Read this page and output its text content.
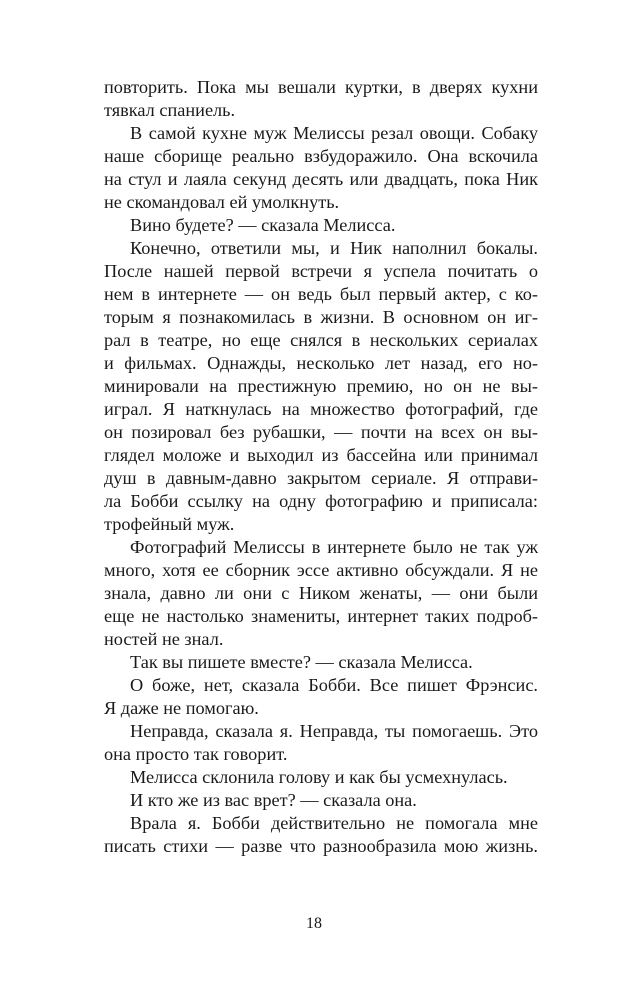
повторить. Пока мы вешали куртки, в дверях кухни
тявкал спаниель.
В самой кухне муж Мелиссы резал овощи. Собаку
наше сборище реально взбудоражило. Она вскочила
на стул и лаяла секунд десять или двадцать, пока Ник
не скомандовал ей умолкнуть.
Вино будете? — сказала Мелисса.
Конечно, ответили мы, и Ник наполнил бокалы.
После нашей первой встречи я успела почитать о
нем в интернете — он ведь был первый актер, с ко-
торым я познакомилась в жизни. В основном он иг-
рал в театре, но еще снялся в нескольких сериалах
и фильмах. Однажды, несколько лет назад, его но-
минировали на престижную премию, но он не вы-
играл. Я наткнулась на множество фотографий, где
он позировал без рубашки, — почти на всех он вы-
глядел моложе и выходил из бассейна или принимал
душ в давным-давно закрытом сериале. Я отправи-
ла Бобби ссылку на одну фотографию и приписала:
трофейный муж.
Фотографий Мелиссы в интернете было не так уж
много, хотя ее сборник эссе активно обсуждали. Я не
знала, давно ли они с Ником женаты, — они были
еще не настолько знамениты, интернет таких подроб-
ностей не знал.
Так вы пишете вместе? — сказала Мелисса.
О боже, нет, сказала Бобби. Все пишет Фрэнсис.
Я даже не помогаю.
Неправда, сказала я. Неправда, ты помогаешь. Это
она просто так говорит.
Мелисса склонила голову и как бы усмехнулась.
И кто же из вас врет? — сказала она.
Врала я. Бобби действительно не помогала мне
писать стихи — разве что разнообразила мою жизнь.
18
